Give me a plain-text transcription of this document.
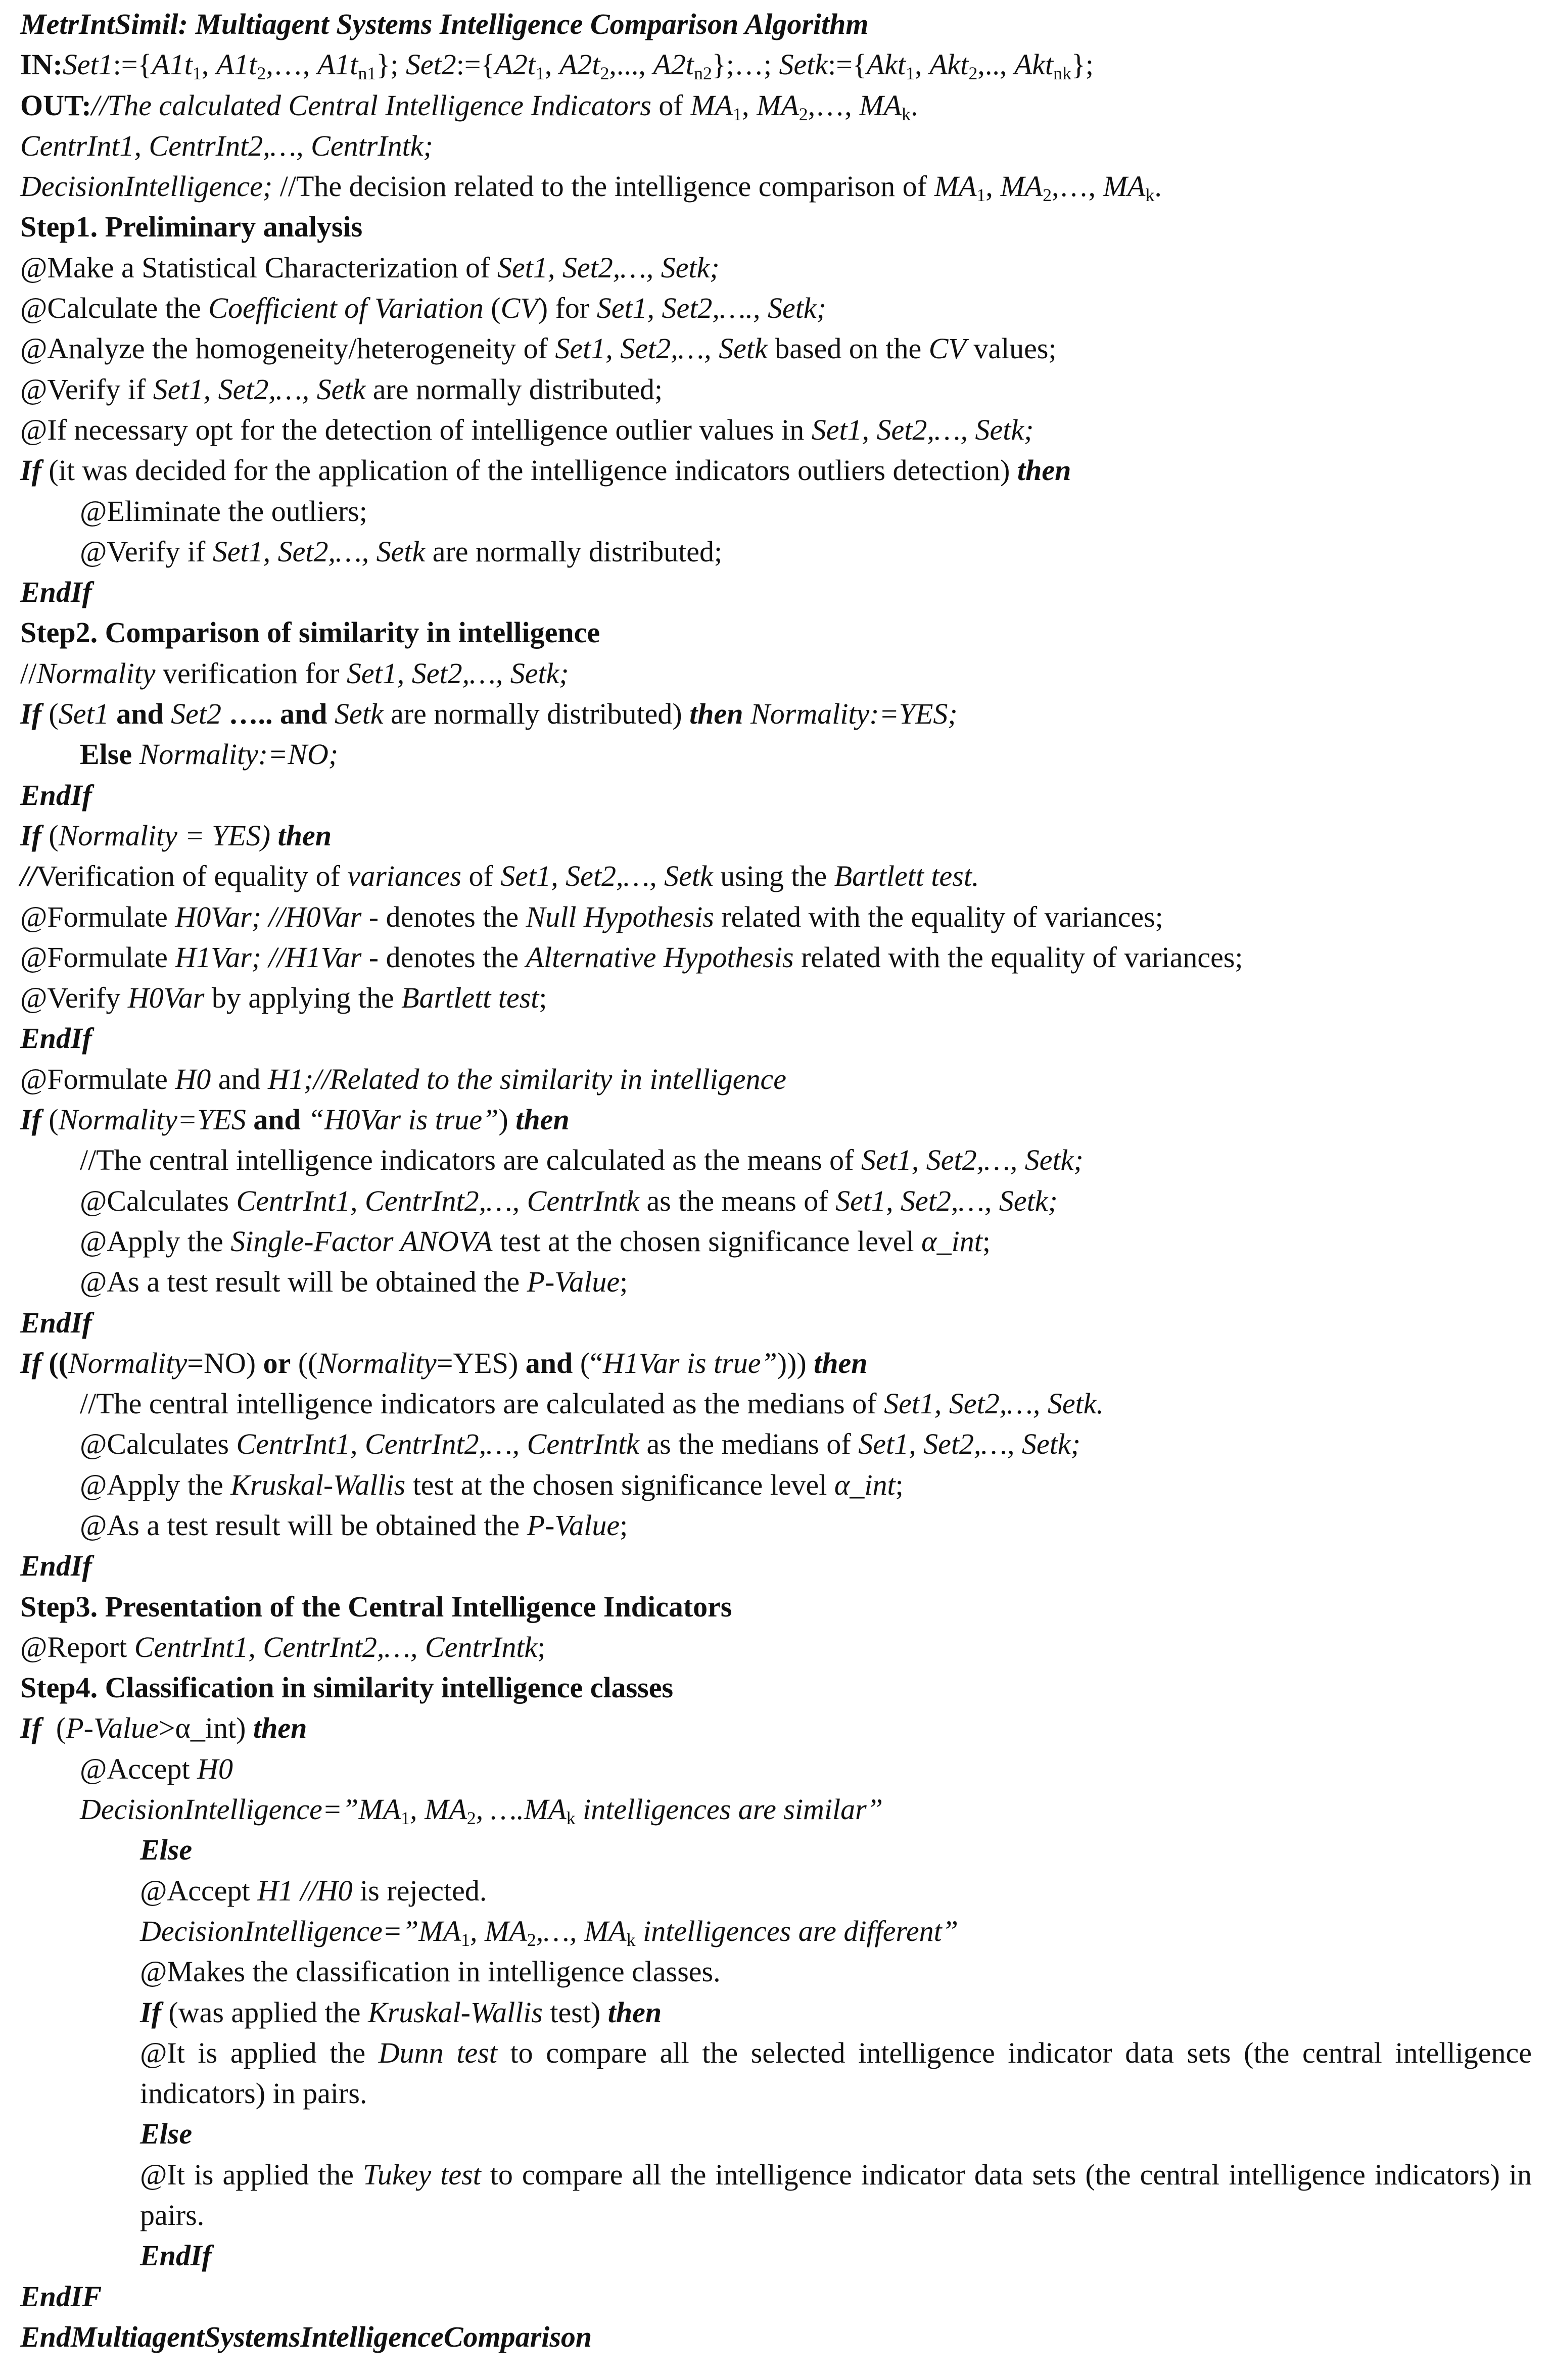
MetrIntSimil: Multiagent Systems Intelligence Comparison Algorithm
$IN:Set1:=\{A1t_1$, $A1t_2,\dots$, $A1t_{n1}$}; $Set2:=\{A2t_1$, $A2t_2$,..., $A2t_{n2}\};\dots$; Setk:={Akt$_1$, Akt$_2$,.., Akt$_{nk}$};
OUT://The calculated Central Intelligence Indicators of $MA_1$, $MA_2,\dots$, $MA_k$.
CentrInt1, CentrInt2,…, CentrIntk;
DecisionIntelligence; //The decision related to the intelligence comparison of $MA_1$, $MA_2,\dots$, $MA_k$.
Step1. Preliminary analysis
@Make a Statistical Characterization of Set1, Set2,…, Setk;
@Calculate the Coefficient of Variation (CV) for Set1, Set2,…., Setk;
@Analyze the homogeneity/heterogeneity of Set1, Set2,…, Setk based on the CV values;
@Verify if Set1, Set2,…, Setk are normally distributed;
@If necessary opt for the detection of intelligence outlier values in Set1, Set2,…, Setk;
If (it was decided for the application of the intelligence indicators outliers detection) then
@Eliminate the outliers;
@Verify if Set1, Set2,…, Setk are normally distributed;
EndIf
Step2. Comparison of similarity in intelligence
//Normality verification for Set1, Set2,…, Setk;
If (Set1 and Set2 ….. and Setk are normally distributed) then Normality:=YES;
Else Normality:=NO;
EndIf
If (Normality = YES) then
//Verification of equality of variances of Set1, Set2,…, Setk using the Bartlett test.
@Formulate H0Var; //H0Var - denotes the Null Hypothesis related with the equality of variances;
@Formulate H1Var; //H1Var - denotes the Alternative Hypothesis related with the equality of variances;
@Verify H0Var by applying the Bartlett test;
EndIf
@Formulate H0 and H1;//Related to the similarity in intelligence
If (Normality=YES and “H0Var is true”) then
//The central intelligence indicators are calculated as the means of Set1, Set2,…, Setk;
@Calculates CentrInt1, CentrInt2,…, CentrIntk as the means of Set1, Set2,…, Setk;
@Apply the Single-Factor ANOVA test at the chosen significance level α_int;
@As a test result will be obtained the P-Value;
EndIf
If ((Normality=NO) or ((Normality=YES) and (“H1Var is true”))) then
//The central intelligence indicators are calculated as the medians of Set1, Set2,…, Setk.
@Calculates CentrInt1, CentrInt2,…, CentrIntk as the medians of Set1, Set2,…, Setk;
@Apply the Kruskal-Wallis test at the chosen significance level α_int;
@As a test result will be obtained the P-Value;
EndIf
Step3. Presentation of the Central Intelligence Indicators
@Report CentrInt1, CentrInt2,…, CentrIntk;
Step4. Classification in similarity intelligence classes
If  (P-Value>α_int) then
@Accept H0
$DecisionIntelligence=”MA_1$, $MA_2$, $\dots.MA_k$ intelligences are similar”
Else
@Accept H1 //H0 is rejected.
$DecisionIntelligence=”MA_1$, $MA_2,\dots$, $MA_k$ intelligences are different”
@Makes the classification in intelligence classes.
If (was applied the Kruskal-Wallis test) then
@It is applied the Dunn test to compare all the selected intelligence indicator data sets (the central intelligence indicators) in pairs.
Else
@It is applied the Tukey test to compare all the intelligence indicator data sets (the central intelligence indicators) in pairs.
EndIf
EndIF
EndMultiagentSystemsIntelligenceComparison
